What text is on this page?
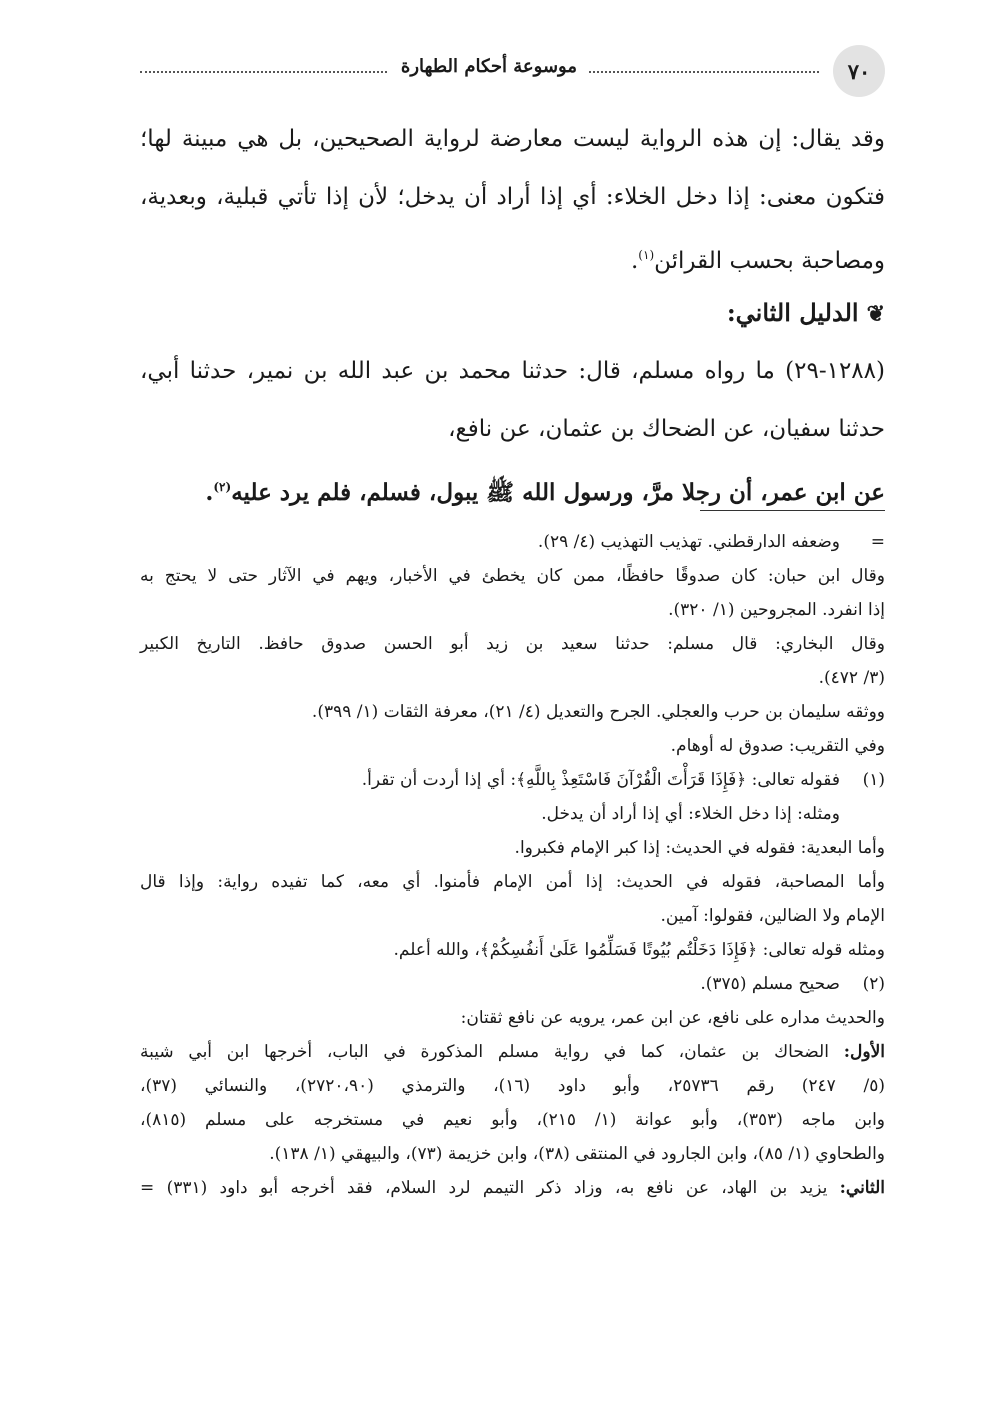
٧٠
موسوعة أحكام الطهارة
وقد يقال: إن هذه الرواية ليست معارضة لرواية الصحيحين، بل هي مبينة لها؛
فتكون معنى: إذا دخل الخلاء: أي إذا أراد أن يدخل؛ لأن إذا تأتي قبلية، وبعدية،
ومصاحبة بحسب القرائن$^{(١)}$.
❦الدليل الثاني:
(١٢٨٨-٢٩) ما رواه مسلم، قال: حدثنا محمد بن عبد الله بن نمير، حدثنا أبي،
حدثنا سفيان، عن الضحاك بن عثمان، عن نافع،
عن ابن عمر، أن رجلا مرَّ، ورسول الله ﷺ يبول، فسلم، فلم يرد عليه$^{(٢)}$.
=وضعفه الدارقطني. تهذيب التهذيب (٤/ ٢٩).
وقال ابن حبان: كان صدوقًا حافظًا، ممن كان يخطئ في الأخبار، ويهم في الآثار حتى لا يحتج به
إذا انفرد. المجروحين (١/ ٣٢٠).
وقال البخاري: قال مسلم: حدثنا سعيد بن زيد أبو الحسن صدوق حافظ. التاريخ الكبير
(٣/ ٤٧٢).
ووثقه سليمان بن حرب والعجلي. الجرح والتعديل (٤/ ٢١)، معرفة الثقات (١/ ٣٩٩).
وفي التقريب: صدوق له أوهام.
(١)فقوله تعالى: ﴿فَإِذَا قَرَأْتَ الْقُرْآنَ فَاسْتَعِذْ بِاللَّهِ﴾: أي إذا أردت أن تقرأ.
ومثله: إذا دخل الخلاء: أي إذا أراد أن يدخل.
وأما البعدية: فقوله في الحديث: إذا كبر الإمام فكبروا.
وأما المصاحبة، فقوله في الحديث: إذا أمن الإمام فأمنوا. أي معه، كما تفيده رواية: وإذا قال
الإمام ولا الضالين، فقولوا: آمين.
ومثله قوله تعالى: ﴿فَإِذَا دَخَلْتُم بُيُوتًا فَسَلِّمُوا عَلَىٰ أَنفُسِكُمْ﴾، والله أعلم.
(٢)صحيح مسلم (٣٧٥).
والحديث مداره على نافع، عن ابن عمر، يرويه عن نافع ثقتان:
الأول: الضحاك بن عثمان، كما في رواية مسلم المذكورة في الباب، أخرجها ابن أبي شيبة
(٥/ ٢٤٧) رقم ٢٥٧٣٦، وأبو داود (١٦)، والترمذي (٢٧٢٠،٩٠)، والنسائي (٣٧)،
وابن ماجه (٣٥٣)، وأبو عوانة (١/ ٢١٥)، وأبو نعيم في مستخرجه على مسلم (٨١٥)،
والطحاوي (١/ ٨٥)، وابن الجارود في المنتقى (٣٨)، وابن خزيمة (٧٣)، والبيهقي (١/ ١٣٨).
الثاني: يزيد بن الهاد، عن نافع به، وزاد ذكر التيمم لرد السلام، فقد أخرجه أبو داود (٣٣١) =
